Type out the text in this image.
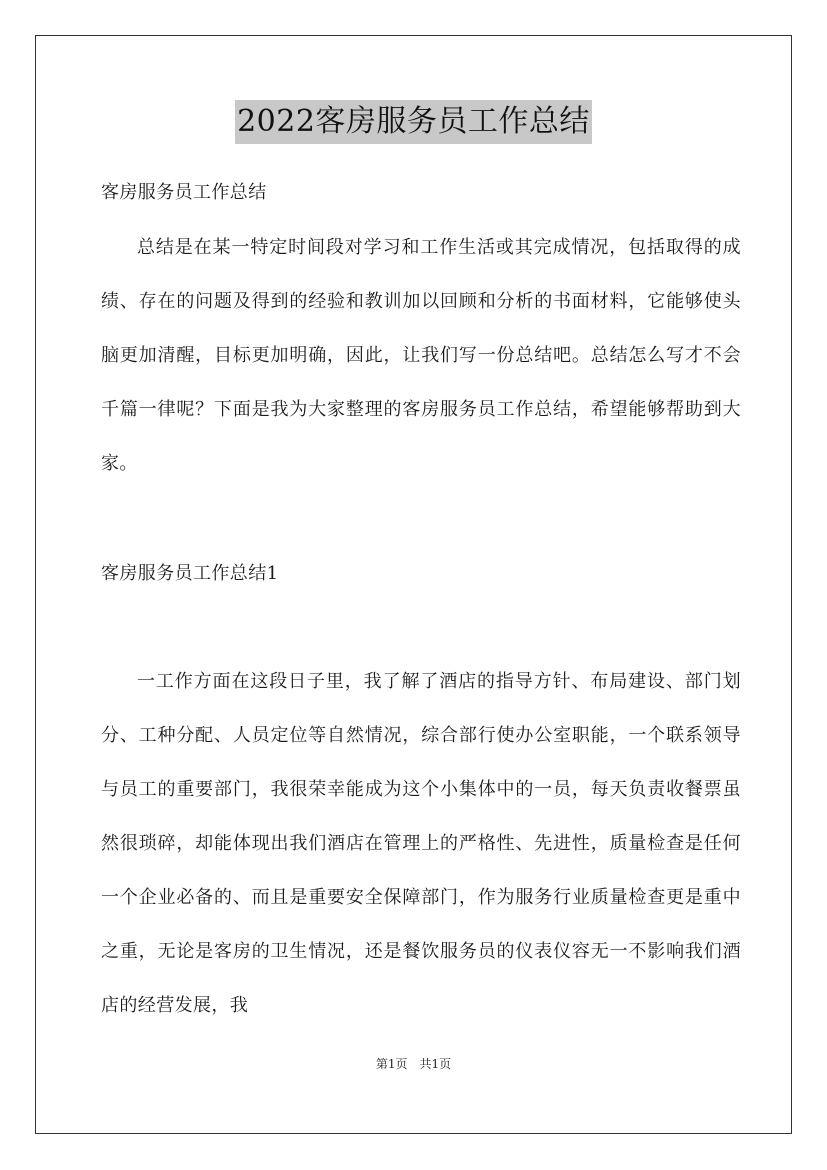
2022客房服务员工作总结

客房服务员工作总结

总结是在某一特定时间段对学习和工作生活或其完成情况，包括取得的成绩、存在的问题及得到的经验和教训加以回顾和分析的书面材料，它能够使头脑更加清醒，目标更加明确，因此，让我们写一份总结吧。总结怎么写才不会千篇一律呢？下面是我为大家整理的客房服务员工作总结，希望能够帮助到大家。

客房服务员工作总结1

一工作方面在这段日子里，我了解了酒店的指导方针、布局建设、部门划分、工种分配、人员定位等自然情况，综合部行使办公室职能，一个联系领导与员工的重要部门，我很荣幸能成为这个小集体中的一员，每天负责收餐票虽然很琐碎，却能体现出我们酒店在管理上的严格性、先进性，质量检查是任何一个企业必备的、而且是重要安全保障部门，作为服务行业质量检查更是重中之重，无论是客房的卫生情况，还是餐饮服务员的仪表仪容无一不影响我们酒店的经营发展，我

第1页 共1页
